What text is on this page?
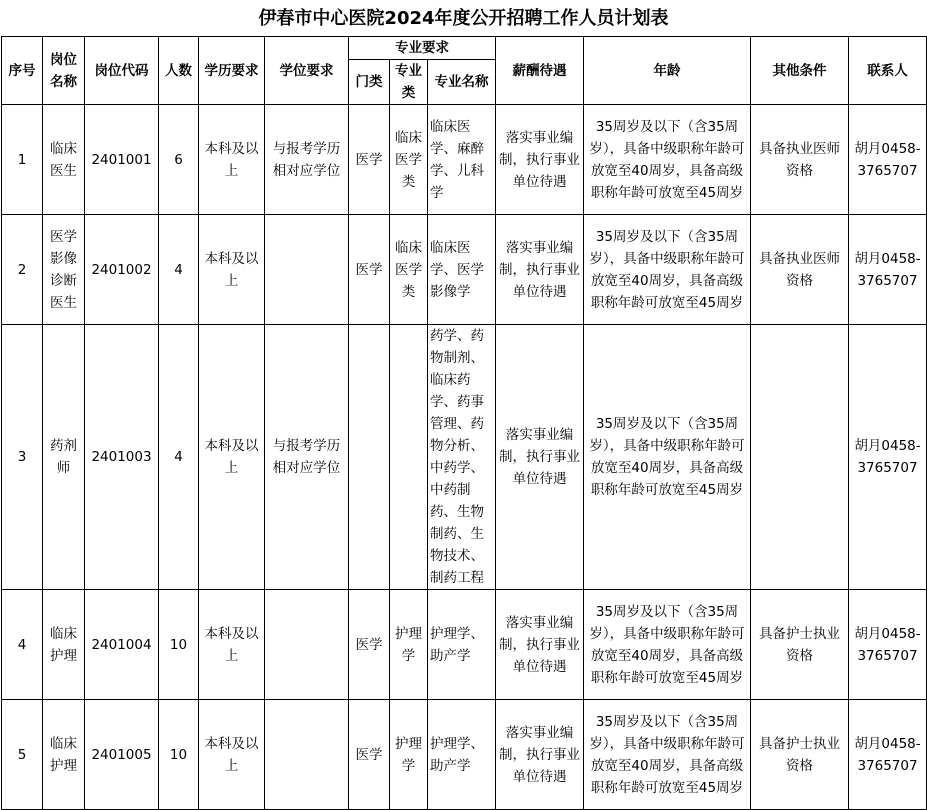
伊春市中心医院2024年度公开招聘工作人员计划表
序号	岗位名称	岗位代码	人数	学历要求	学位要求	专业要求			薪酬待遇	年龄	其他条件	联系人
						门类	专业类	专业名称				
1	临床医生	2401001	6	本科及以上	与报考学历相对应学位	医学	临床医学类	临床医学、麻醉学、儿科学	落实事业编制，执行事业单位待遇	35周岁及以下（含35周岁），具备中级职称年龄可放宽至40周岁，具备高级职称年龄可放宽至45周岁	具备执业医师资格	胡月0458-3765707
2	医学影像诊断医生	2401002	4	本科及以上		医学	临床医学类	临床医学、医学影像学	落实事业编制，执行事业单位待遇	35周岁及以下（含35周岁），具备中级职称年龄可放宽至40周岁，具备高级职称年龄可放宽至45周岁	具备执业医师资格	胡月0458-3765707
3	药剂师	2401003	4	本科及以上	与报考学历相对应学位			药学、药物制剂、临床药学、药事管理、药物分析、中药学、中药制药、生物制药、生物技术、制药工程	落实事业编制，执行事业单位待遇	35周岁及以下（含35周岁），具备中级职称年龄可放宽至40周岁，具备高级职称年龄可放宽至45周岁		胡月0458-3765707
4	临床护理	2401004	10	本科及以上		医学	护理学	护理学、助产学	落实事业编制，执行事业单位待遇	35周岁及以下（含35周岁），具备中级职称年龄可放宽至40周岁，具备高级职称年龄可放宽至45周岁	具备护士执业资格	胡月0458-3765707
5	临床护理	2401005	10	本科及以上		医学	护理学	护理学、助产学	落实事业编制，执行事业单位待遇	35周岁及以下（含35周岁），具备中级职称年龄可放宽至40周岁，具备高级职称年龄可放宽至45周岁	具备护士执业资格	胡月0458-3765707
